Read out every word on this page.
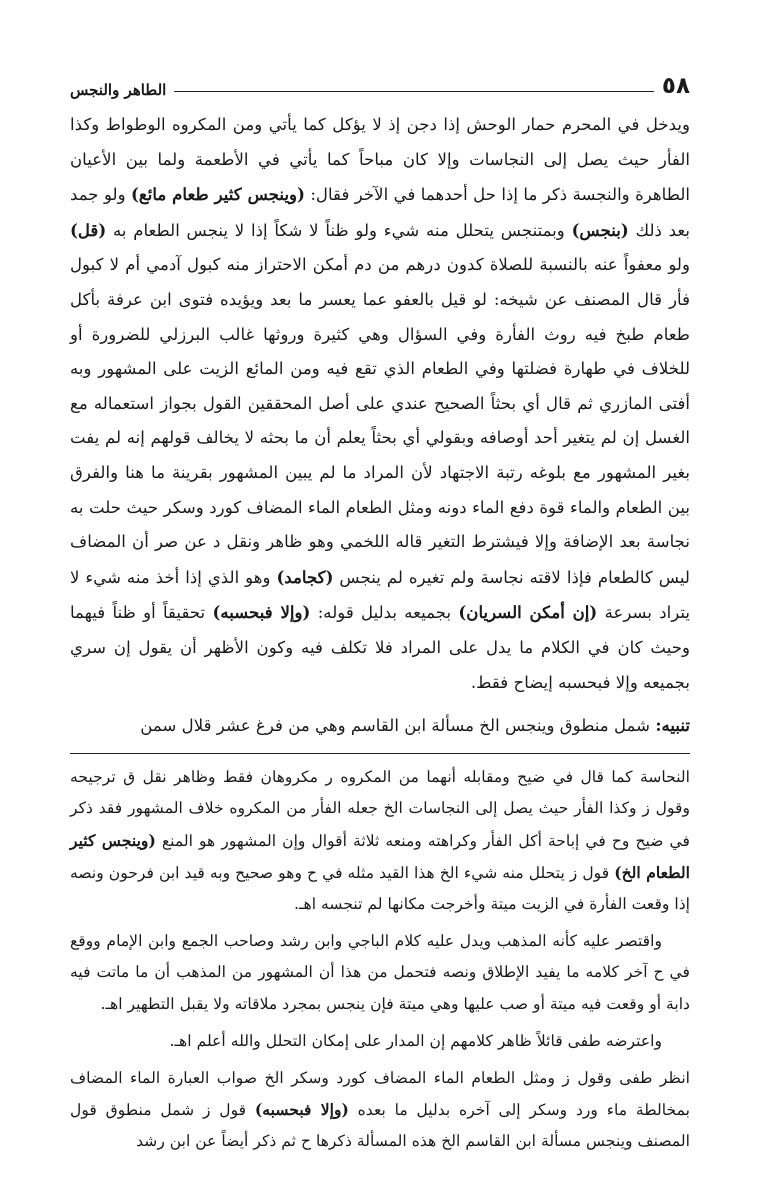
٥٨
الطاهر والنجس

ويدخل في المحرم حمار الوحش إذا دجن إذ لا يؤكل كما يأتي ومن المكروه الوطواط وكذا الفأر حيث يصل إلى النجاسات وإلا كان مباحاً كما يأتي في الأطعمة ولما بين الأعيان الطاهرة والنجسة ذكر ما إذا حل أحدهما في الآخر فقال: (وينجس كثير طعام مائع) ولو جمد بعد ذلك (بنجس) وبمتنجس يتحلل منه شيء ولو ظناً لا شكاً إذا لا ينجس الطعام به (قل) ولو معفواً عنه بالنسبة للصلاة كدون درهم من دم أمكن الاحتراز منه كبول آدمي أم لا كبول فأر قال المصنف عن شيخه: لو قيل بالعفو عما يعسر ما بعد ويؤيده فتوى ابن عرفة بأكل طعام طبخ فيه روث الفأرة وفي السؤال وهي كثيرة وروثها غالب البرزلي للضرورة أو للخلاف في طهارة فضلتها وفي الطعام الذي تقع فيه ومن المائع الزيت على المشهور وبه أفتى المازري ثم قال أي بحثاً الصحيح عندي على أصل المحققين القول بجواز استعماله مع الغسل إن لم يتغير أحد أوصافه وبقولي أي بحثاً يعلم أن ما بحثه لا يخالف قولهم إنه لم يفت بغير المشهور مع بلوغه رتبة الاجتهاد لأن المراد ما لم يبين المشهور بقرينة ما هنا والفرق بين الطعام والماء قوة دفع الماء دونه ومثل الطعام الماء المضاف كورد وسكر حيث حلت به نجاسة بعد الإضافة وإلا فيشترط التغير قاله اللخمي وهو ظاهر ونقل د عن صر أن المضاف ليس كالطعام فإذا لاقته نجاسة ولم تغيره لم ينجس (كجامد) وهو الذي إذا أخذ منه شيء لا يتراد بسرعة (إن أمكن السريان) بجميعه بدليل قوله: (وإلا فبحسبه) تحقيقاً أو ظناً فيهما وحيث كان في الكلام ما يدل على المراد فلا تكلف فيه وكون الأظهر أن يقول إن سري بجميعه وإلا فبحسبه إيضاح فقط.

تنبيه: شمل منطوق وينجس الخ مسألة ابن القاسم وهي من فرغ عشر قلال سمن

النحاسة كما قال في ضيح ومقابله أنهما من المكروه ر مكروهان فقط وظاهر نقل ق ترجيحه وقول ز وكذا الفأر حيث يصل إلى النجاسات الخ جعله الفأر من المكروه خلاف المشهور فقد ذكر في ضيح وح في إباحة أكل الفأر وكراهته ومنعه ثلاثة أقوال وإن المشهور هو المنع (وينجس كثير الطعام الخ) قول ز يتحلل منه شيء الخ هذا القيد مثله في ح وهو صحيح وبه قيد ابن فرحون ونصه إذا وقعت الفأرة في الزيت ميتة وأخرجت مكانها لم تنجسه اهـ.

واقتصر عليه كأنه المذهب ويدل عليه كلام الباجي وابن رشد وصاحب الجمع وابن الإمام ووقع في ح آخر كلامه ما يفيد الإطلاق ونصه فتحمل من هذا أن المشهور من المذهب أن ما ماتت فيه دابة أو وقعت فيه ميتة أو صب عليها وهي ميتة فإن ينجس بمجرد ملاقاته ولا يقبل التطهير اهـ.

واعترضه طفى قائلاً ظاهر كلامهم إن المدار على إمكان التحلل والله أعلم اهـ.

انظر طفى وقول ز ومثل الطعام الماء المضاف كورد وسكر الخ صواب العبارة الماء المضاف بمخالطة ماء ورد وسكر إلى آخره بدليل ما بعده (وإلا فبحسبه) قول ز شمل منطوق قول المصنف وينجس مسألة ابن القاسم الخ هذه المسألة ذكرها ح ثم ذكر أيضاً عن ابن رشد
